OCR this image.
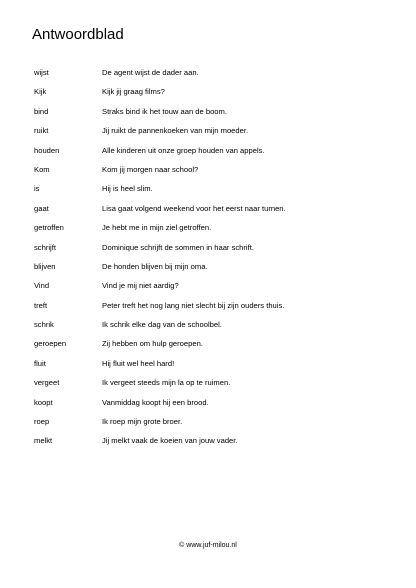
Antwoordblad
wijst	De agent wijst de dader aan.
Kijk	Kijk jij graag films?
bind	Straks bind ik het touw aan de boom.
ruikt	Jij ruikt de pannenkoeken van mijn moeder.
houden	Alle kinderen uit onze groep houden van appels.
Kom	Kom jij morgen naar school?
is	Hij is heel slim.
gaat	Lisa gaat volgend weekend voor het eerst naar turnen.
getroffen	Je hebt me in mijn ziel getroffen.
schrijft	Dominique schrijft de sommen in haar schrift.
blijven	De honden blijven bij mijn oma.
Vind	Vind je mij niet aardig?
treft	Peter treft het nog lang niet slecht bij zijn ouders thuis.
schrik	Ik schrik elke dag van de schoolbel.
geroepen	Zij hebben om hulp geroepen.
fluit	Hij fluit wel heel hard!
vergeet	Ik vergeet steeds mijn la op te ruimen.
koopt	Vanmiddag koopt hij een brood.
roep	Ik roep mijn grote broer.
melkt	Jij melkt vaak de koeien van jouw vader.
© www.juf-milou.nl
